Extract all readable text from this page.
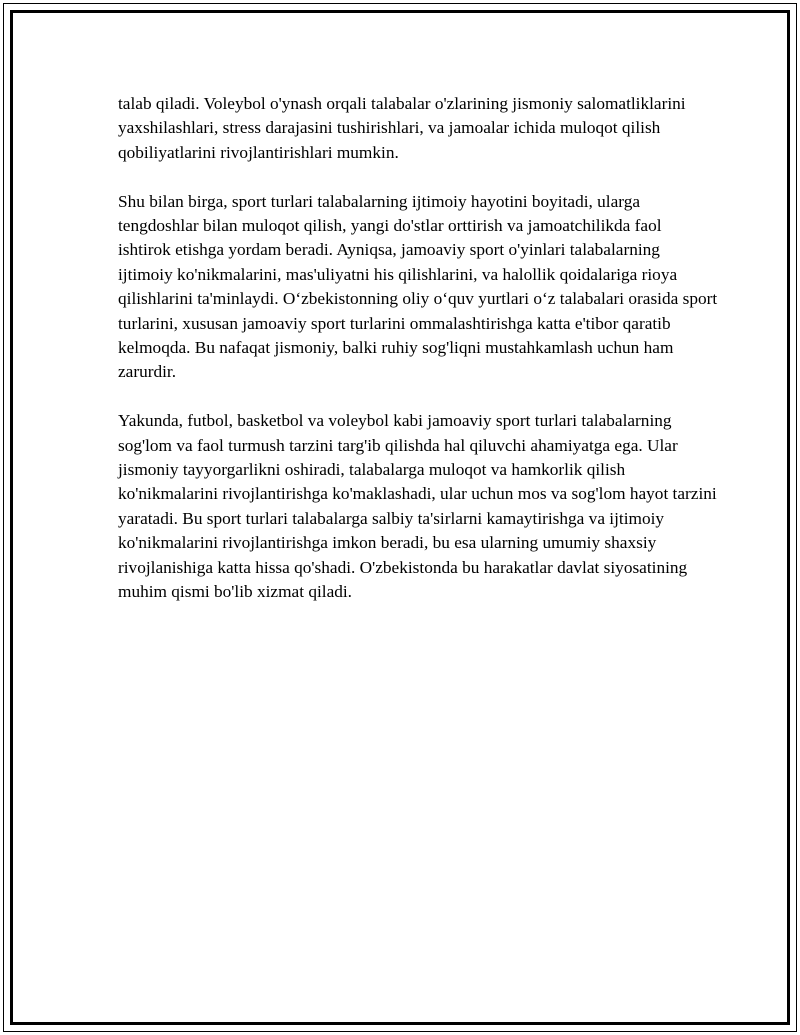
talab qiladi. Voleybol o'ynash orqali talabalar o'zlarining jismoniy salomatliklarini yaxshilashlari, stress darajasini tushirishlari, va jamoalar ichida muloqot qilish qobiliyatlarini rivojlantirishlari mumkin.

Shu bilan birga, sport turlari talabalarning ijtimoiy hayotini boyitadi, ularga tengdoshlar bilan muloqot qilish, yangi do'stlar orttirish va jamoatchilikda faol ishtirok etishga yordam beradi. Ayniqsa, jamoaviy sport o'yinlari talabalarning ijtimoiy ko'nikmalarini, mas'uliyatni his qilishlarini, va halollik qoidalariga rioya qilishlarini ta'minlaydi. O‘zbekistonning oliy o‘quv yurtlari o‘z talabalari orasida sport turlarini, xususan jamoaviy sport turlarini ommalashtirishga katta e'tibor qaratib kelmoqda. Bu nafaqat jismoniy, balki ruhiy sog'liqni mustahkamlash uchun ham zarurdir.

Yakunda, futbol, basketbol va voleybol kabi jamoaviy sport turlari talabalarning sog'lom va faol turmush tarzini targ'ib qilishda hal qiluvchi ahamiyatga ega. Ular jismoniy tayyorgarlikni oshiradi, talabalarga muloqot va hamkorlik qilish ko'nikmalarini rivojlantirishga ko'maklashadi, ular uchun mos va sog'lom hayot tarzini yaratadi. Bu sport turlari talabalarga salbiy ta'sirlarni kamaytirishga va ijtimoiy ko'nikmalarini rivojlantirishga imkon beradi, bu esa ularning umumiy shaxsiy rivojlanishiga katta hissa qo'shadi. O'zbekistonda bu harakatlar davlat siyosatining muhim qismi bo'lib xizmat qiladi.
